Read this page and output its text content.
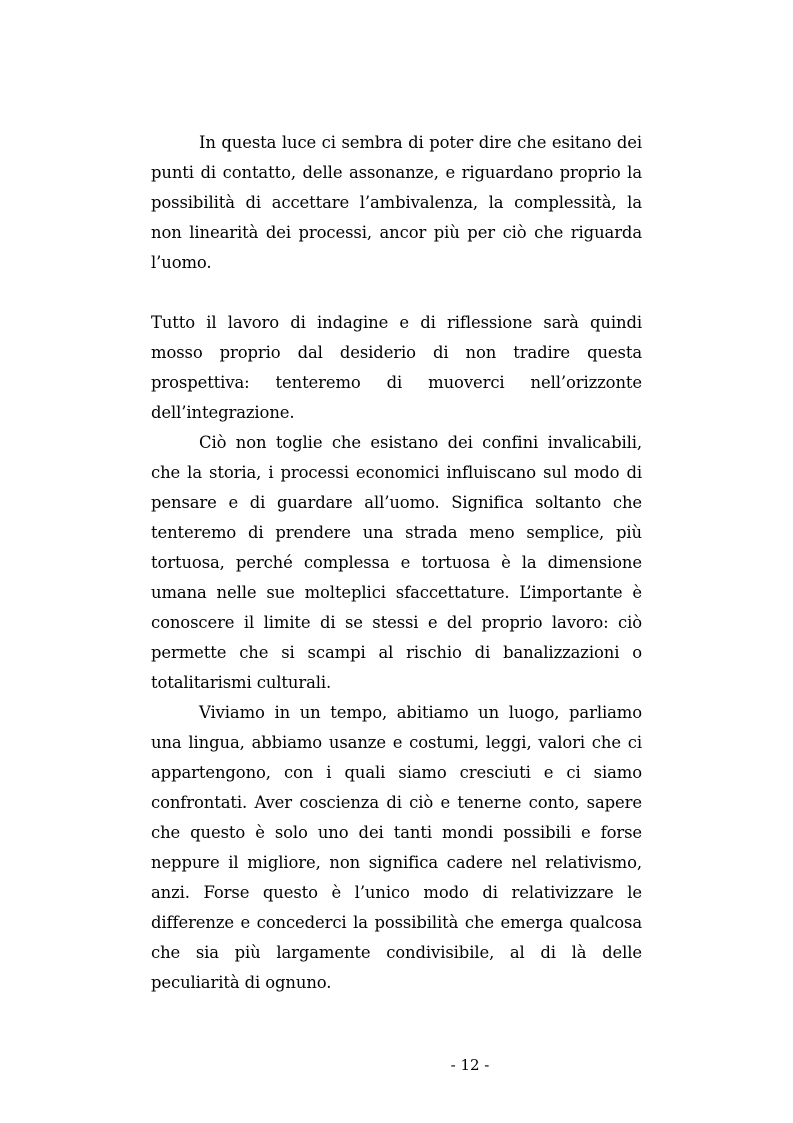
In questa luce ci sembra di poter dire che esitano dei punti di contatto, delle assonanze, e riguardano proprio la possibilità di accettare l’ambivalenza, la complessità, la non linearità dei processi, ancor più per ciò che riguarda l’uomo.

Tutto il lavoro di indagine e di riflessione sarà quindi mosso proprio dal desiderio di non tradire questa prospettiva: tenteremo di muoverci nell’orizzonte dell’integrazione.

Ciò non toglie che esistano dei confini invalicabili, che la storia, i processi economici influiscano sul modo di pensare e di guardare all’uomo. Significa soltanto che tenteremo di prendere una strada meno semplice, più tortuosa, perché complessa e tortuosa è la dimensione umana nelle sue molteplici sfaccettature. L’importante è conoscere il limite di se stessi e del proprio lavoro: ciò permette che si scampi al rischio di banalizzazioni o totalitarismi culturali.

Viviamo in un tempo, abitiamo un luogo, parliamo una lingua, abbiamo usanze e costumi, leggi, valori che ci appartengono, con i quali siamo cresciuti e ci siamo confrontati. Aver coscienza di ciò e tenerne conto, sapere che questo è solo uno dei tanti mondi possibili e forse neppure il migliore, non significa cadere nel relativismo, anzi. Forse questo è l’unico modo di relativizzare le differenze e concederci la possibilità che emerga qualcosa che sia più largamente condivisibile, al di là delle peculiarità di ognuno.

- 12 -
